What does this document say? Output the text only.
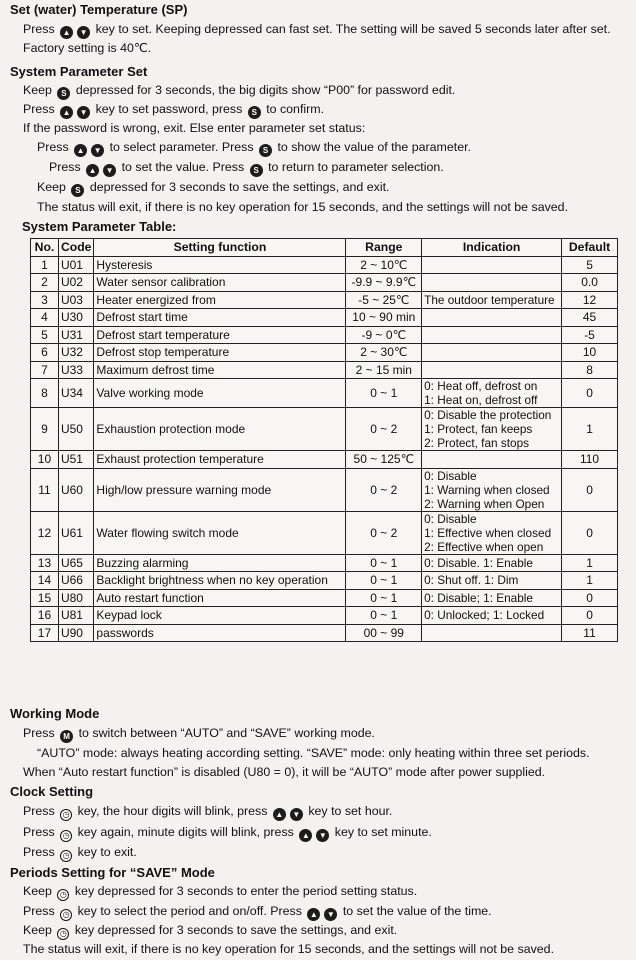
Set (water) Temperature (SP)
Press ▲ ▼ key to set. Keeping depressed can fast set. The setting will be saved 5 seconds later after set.
Factory setting is 40℃.
System Parameter Set
Keep S depressed for 3 seconds, the big digits show “P00” for password edit.
Press ▲ ▼ key to set password, press S to confirm.
If the password is wrong, exit. Else enter parameter set status:
Press ▲ ▼ to select parameter. Press S to show the value of the parameter.
Press ▲ ▼ to set the value. Press S to return to parameter selection.
Keep S depressed for 3 seconds to save the settings, and exit.
The status will exit, if there is no key operation for 15 seconds, and the settings will not be saved.
System Parameter Table:
No.	Code	Setting function	Range	Indication	Default
1	U01	Hysteresis	2 ~ 10℃		5
2	U02	Water sensor calibration	-9.9 ~ 9.9℃		0.0
3	U03	Heater energized from	-5 ~ 25℃	The outdoor temperature	12
4	U30	Defrost start time	10 ~ 90 min		45
5	U31	Defrost start temperature	-9 ~ 0℃		-5
6	U32	Defrost stop temperature	2 ~ 30℃		10
7	U33	Maximum defrost time	2 ~ 15 min		8
8	U34	Valve working mode	0 ~ 1	0: Heat off, defrost on
1: Heat on, defrost off	0
9	U50	Exhaustion protection mode	0 ~ 2	0: Disable the protection
1: Protect, fan keeps
2: Protect, fan stops	1
10	U51	Exhaust protection temperature	50 ~ 125℃		110
11	U60	High/low pressure warning mode	0 ~ 2	0: Disable
1: Warning when closed
2: Warning when Open	0
12	U61	Water flowing switch mode	0 ~ 2	0: Disable
1: Effective when closed
2: Effective when open	0
13	U65	Buzzing alarming	0 ~ 1	0: Disable. 1: Enable	1
14	U66	Backlight brightness when no key operation	0 ~ 1	0: Shut off. 1: Dim	1
15	U80	Auto restart function	0 ~ 1	0: Disable; 1: Enable	0
16	U81	Keypad lock	0 ~ 1	0: Unlocked; 1: Locked	0
17	U90	passwords	00 ~ 99		11
Working Mode
Press M to switch between “AUTO” and “SAVE” working mode.
“AUTO” mode: always heating according setting. “SAVE” mode: only heating within three set periods.
When “Auto restart function” is disabled (U80 = 0), it will be “AUTO” mode after power supplied.
Clock Setting
Press ◷ key, the hour digits will blink, press ▲ ▼ key to set hour.
Press ◷ key again, minute digits will blink, press ▲ ▼ key to set minute.
Press ◷ key to exit.
Periods Setting for “SAVE” Mode
Keep ◷ key depressed for 3 seconds to enter the period setting status.
Press ◷ key to select the period and on/off. Press ▲ ▼ to set the value of the time.
Keep ◷ key depressed for 3 seconds to save the settings, and exit.
The status will exit, if there is no key operation for 15 seconds, and the settings will not be saved.
